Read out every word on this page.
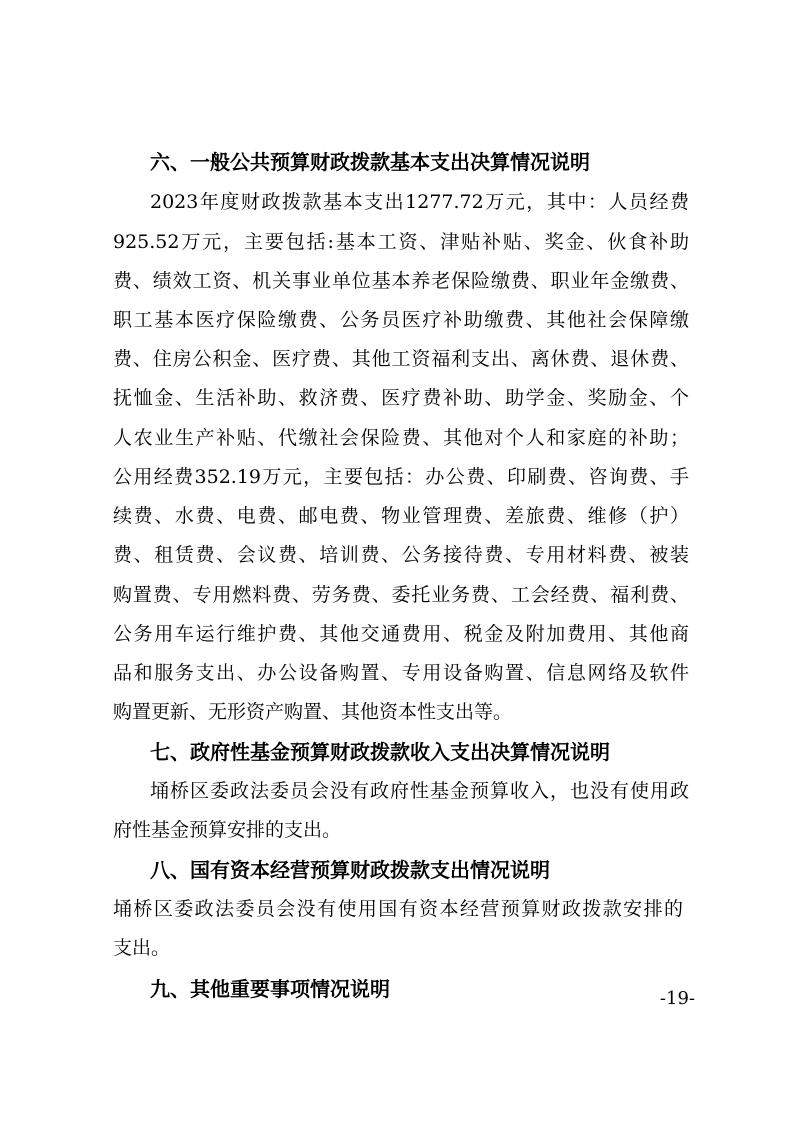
六、一般公共预算财政拨款基本支出决算情况说明
2023年度财政拨款基本支出1277.72万元，其中：人员经费
925.52万元，主要包括:基本工资、津贴补贴、奖金、伙食补助
费、绩效工资、机关事业单位基本养老保险缴费、职业年金缴费、
职工基本医疗保险缴费、公务员医疗补助缴费、其他社会保障缴
费、住房公积金、医疗费、其他工资福利支出、离休费、退休费、
抚恤金、生活补助、救济费、医疗费补助、助学金、奖励金、个
人农业生产补贴、代缴社会保险费、其他对个人和家庭的补助；
公用经费352.19万元，主要包括：办公费、印刷费、咨询费、手
续费、水费、电费、邮电费、物业管理费、差旅费、维修（护）
费、租赁费、会议费、培训费、公务接待费、专用材料费、被装
购置费、专用燃料费、劳务费、委托业务费、工会经费、福利费、
公务用车运行维护费、其他交通费用、税金及附加费用、其他商
品和服务支出、办公设备购置、专用设备购置、信息网络及软件
购置更新、无形资产购置、其他资本性支出等。
七、政府性基金预算财政拨款收入支出决算情况说明
埇桥区委政法委员会没有政府性基金预算收入，也没有使用政
府性基金预算安排的支出。
八、国有资本经营预算财政拨款支出情况说明
埇桥区委政法委员会没有使用国有资本经营预算财政拨款安排的
支出。
九、其他重要事项情况说明	-19-
